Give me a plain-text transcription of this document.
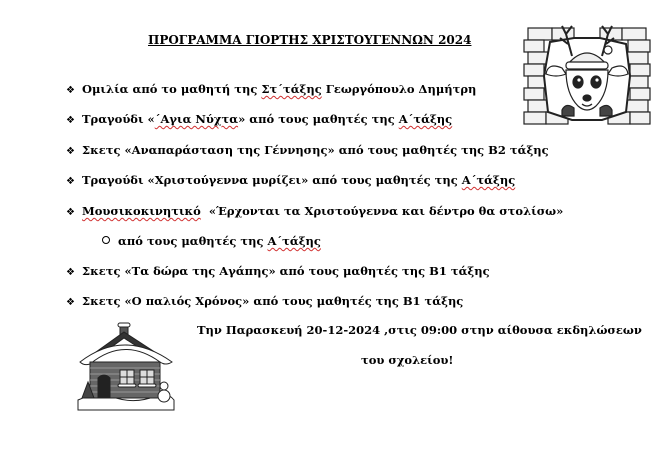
ΠΡΟΓΡΑΜΜΑ ΓΙΟΡΤΗΣ ΧΡΙΣΤΟΥΓΕΝΝΩΝ 2024
❖ Ομιλία από το μαθητή της Στ΄τάξης Γεωργόπουλο Δημήτρη
❖ Τραγούδι «΄Αγια Νύχτα» από τους μαθητές της Α΄τάξης
❖ Σκετς «Αναπαράσταση της Γέννησης» από τους μαθητές της Β2 τάξης
❖ Τραγούδι «Χριστούγεννα μυρίζει» από τους μαθητές της Α΄τάξης
❖ Μουσικοκινητικό  «Έρχονται τα Χριστούγεννα και δέντρο θα στολίσω»
από τους μαθητές της Α΄τάξης
❖ Σκετς «Τα δώρα της Αγάπης» από τους μαθητές της Β1 τάξης
❖ Σκετς «Ο παλιός Χρόνος» από τους μαθητές της Β1 τάξης
Την Παρασκευή 20-12-2024 ,στις 09:00 στην αίθουσα εκδηλώσεων
του σχολείου!
